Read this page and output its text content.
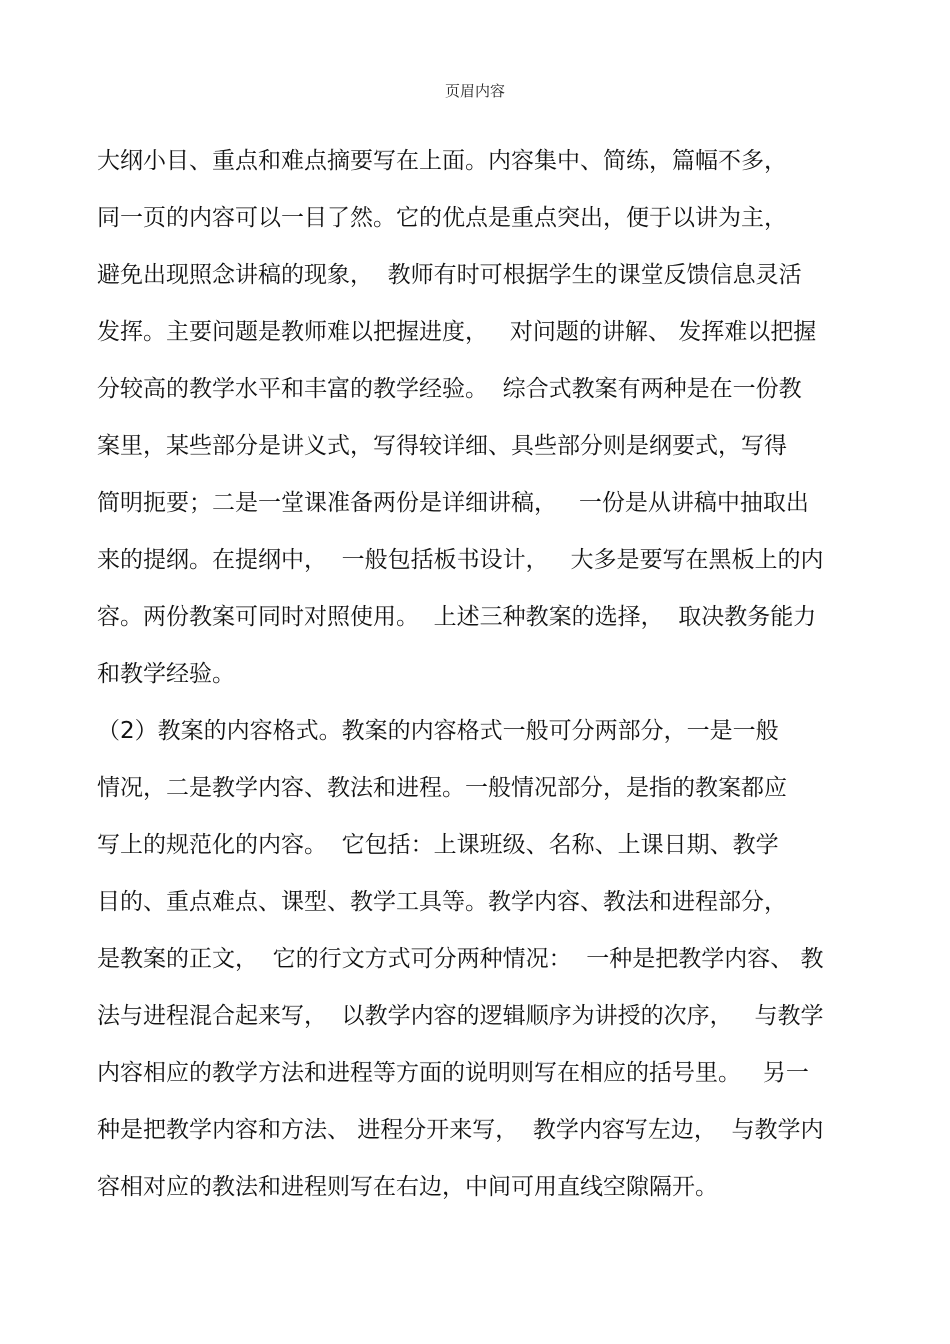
页眉内容
大纲小目、重点和难点摘要写在上面。内容集中、简练，篇幅不多，
同一页的内容可以一目了然。它的优点是重点突出，便于以讲为主，
避免出现照念讲稿的现象，  教师有时可根据学生的课堂反馈信息灵活
发挥。主要问题是教师难以把握进度，   对问题的讲解、 发挥难以把握
分较高的教学水平和丰富的教学经验。  综合式教案有两种是在一份教
案里，某些部分是讲义式，写得较详细、具些部分则是纲要式，写得
简明扼要；二是一堂课准备两份是详细讲稿，   一份是从讲稿中抽取出
来的提纲。在提纲中，  一般包括板书设计，   大多是要写在黑板上的内
容。两份教案可同时对照使用。  上述三种教案的选择，  取决教务能力
和教学经验。
（2）教案的内容格式。教案的内容格式一般可分两部分，一是一般
情况，二是教学内容、教法和进程。一般情况部分，是指的教案都应
写上的规范化的内容。  它包括：上课班级、名称、上课日期、教学
目的、重点难点、课型、教学工具等。教学内容、教法和进程部分，
是教案的正文，  它的行文方式可分两种情况：  一种是把教学内容、 教
法与进程混合起来写，  以教学内容的逻辑顺序为讲授的次序，   与教学
内容相应的教学方法和进程等方面的说明则写在相应的括号里。   另一
种是把教学内容和方法、 进程分开来写，  教学内容写左边，  与教学内
容相对应的教法和进程则写在右边，中间可用直线空隙隔开。
